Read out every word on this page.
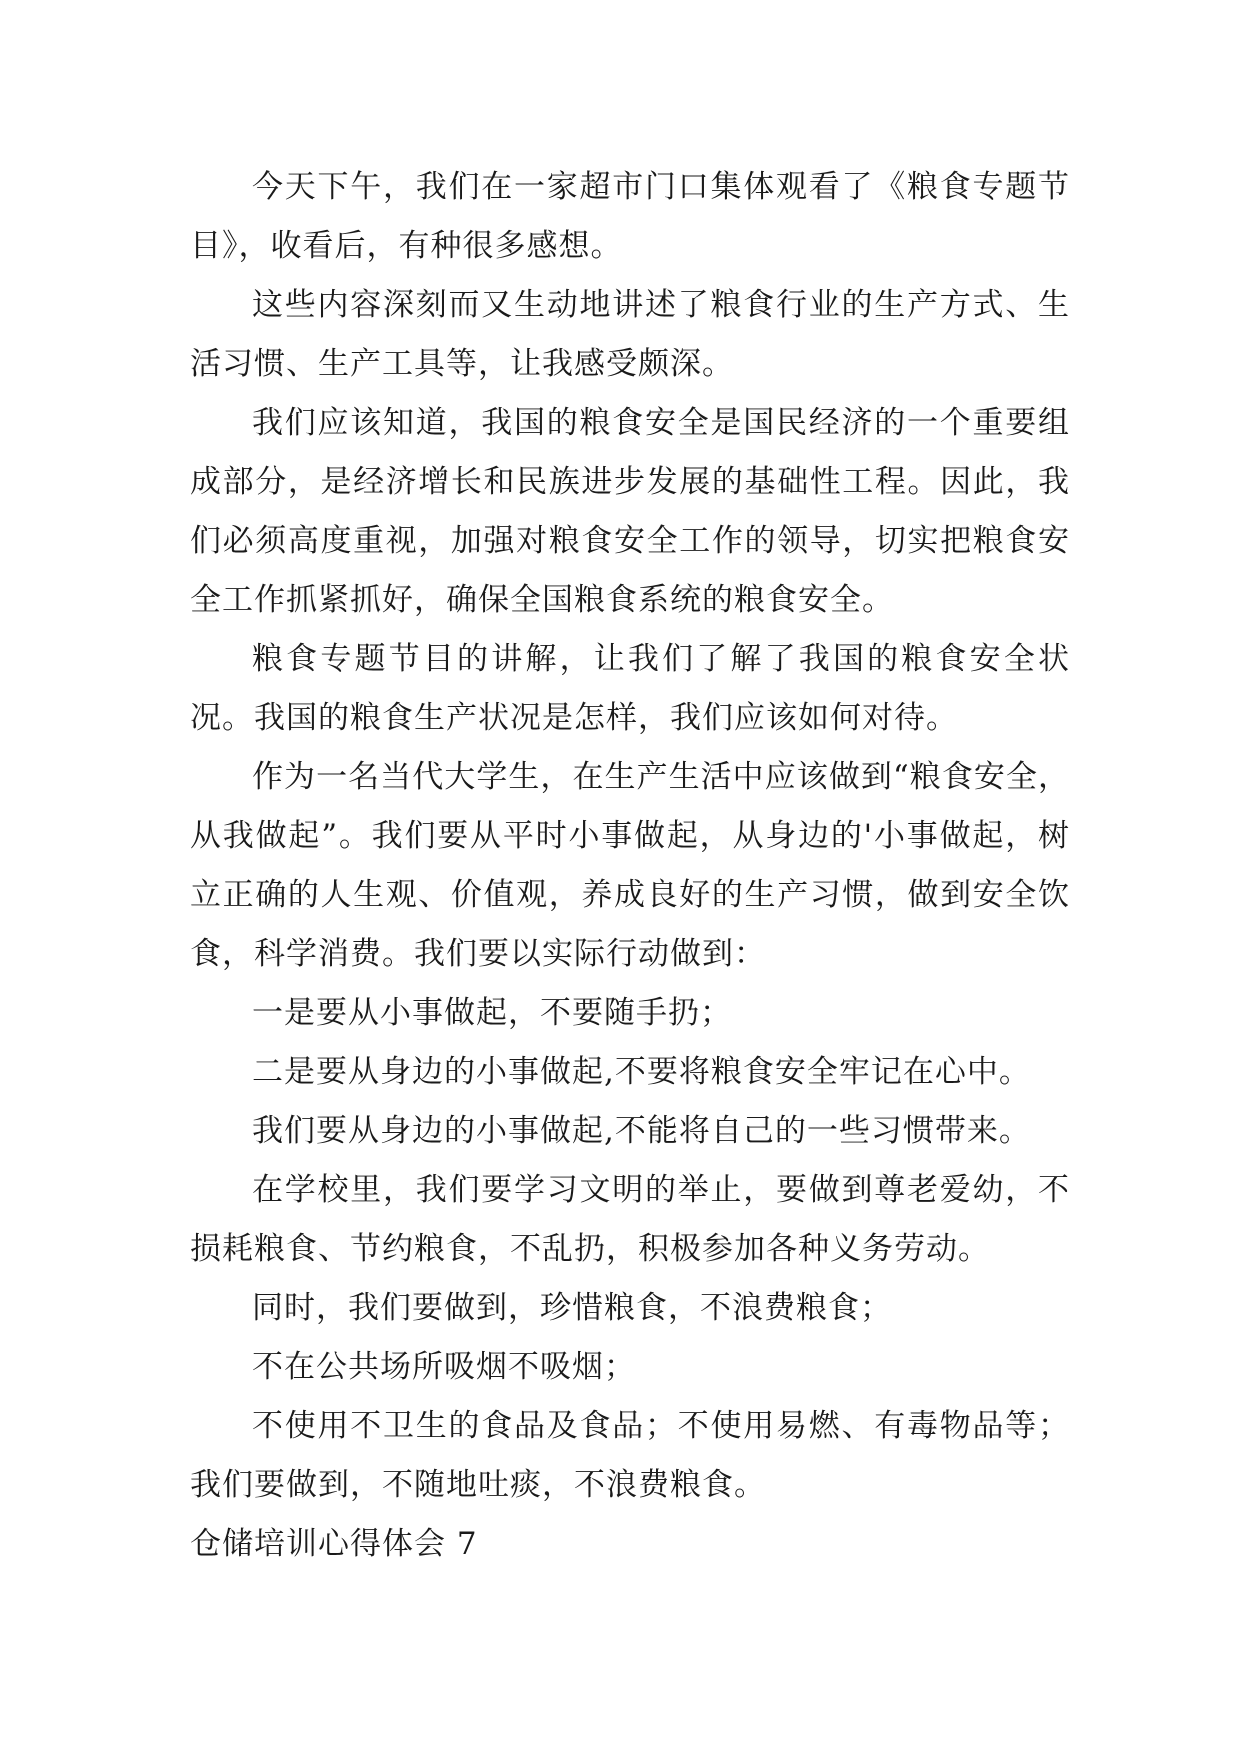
今天下午，我们在一家超市门口集体观看了《粮食专题节目》，收看后，有种很多感想。

这些内容深刻而又生动地讲述了粮食行业的生产方式、生活习惯、生产工具等，让我感受颇深。

我们应该知道，我国的粮食安全是国民经济的一个重要组成部分，是经济增长和民族进步发展的基础性工程。因此，我们必须高度重视，加强对粮食安全工作的领导，切实把粮食安全工作抓紧抓好，确保全国粮食系统的粮食安全。

粮食专题节目的讲解，让我们了解了我国的粮食安全状况。我国的粮食生产状况是怎样，我们应该如何对待。

作为一名当代大学生，在生产生活中应该做到“粮食安全，从我做起”。我们要从平时小事做起，从身边的'小事做起，树立正确的人生观、价值观，养成良好的生产习惯，做到安全饮食，科学消费。我们要以实际行动做到：

一是要从小事做起，不要随手扔；

二是要从身边的小事做起,不要将粮食安全牢记在心中。

我们要从身边的小事做起,不能将自己的一些习惯带来。

在学校里，我们要学习文明的举止，要做到尊老爱幼，不损耗粮食、节约粮食，不乱扔，积极参加各种义务劳动。

同时，我们要做到，珍惜粮食，不浪费粮食；

不在公共场所吸烟不吸烟；

不使用不卫生的食品及食品；不使用易燃、有毒物品等；我们要做到，不随地吐痰，不浪费粮食。

仓储培训心得体会 7
